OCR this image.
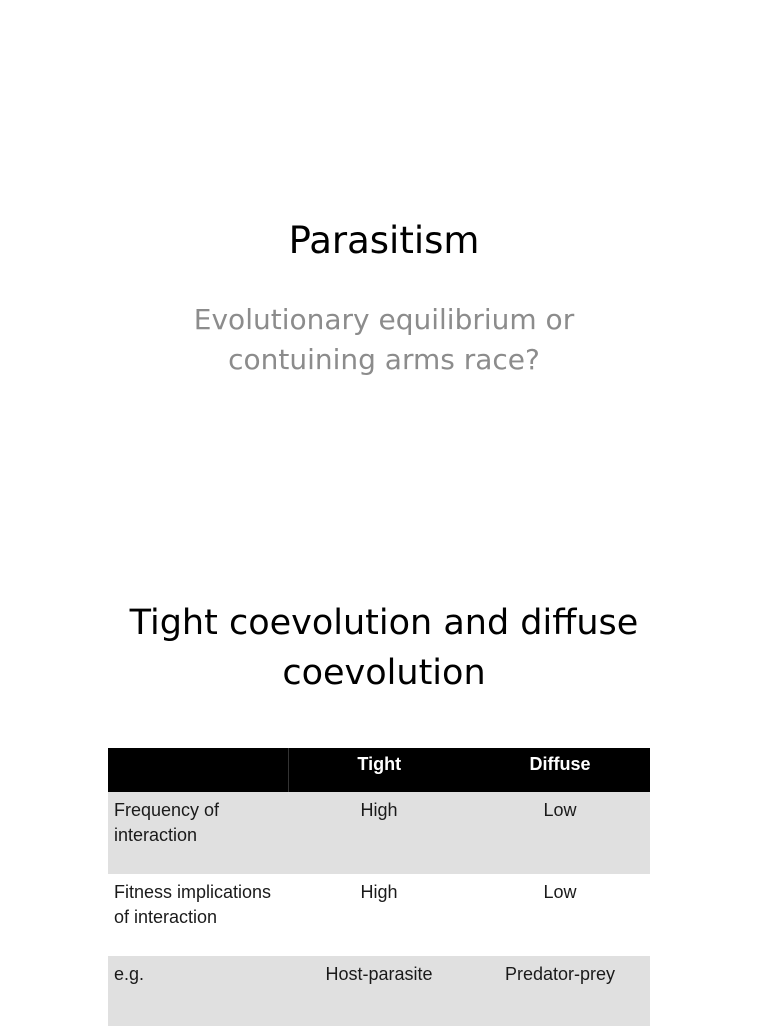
Parasitism
Evolutionary equilibrium or
contuining arms race?
Tight coevolution and diffuse
coevolution
	Tight	Diffuse
Frequency of interaction	High	Low
Fitness implications of interaction	High	Low
e.g.	Host-parasite	Predator-prey
